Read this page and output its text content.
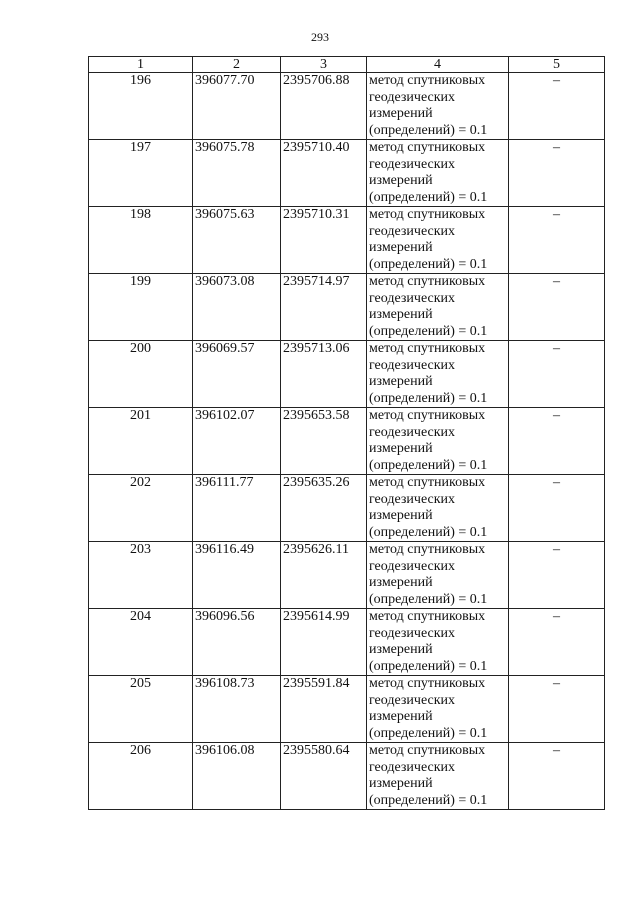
293
1	2	3	4	5
196	396077.70	2395706.88	метод спутниковых
геодезических
измерений
(определений) = 0.1	–
197	396075.78	2395710.40	метод спутниковых
геодезических
измерений
(определений) = 0.1	–
198	396075.63	2395710.31	метод спутниковых
геодезических
измерений
(определений) = 0.1	–
199	396073.08	2395714.97	метод спутниковых
геодезических
измерений
(определений) = 0.1	–
200	396069.57	2395713.06	метод спутниковых
геодезических
измерений
(определений) = 0.1	–
201	396102.07	2395653.58	метод спутниковых
геодезических
измерений
(определений) = 0.1	–
202	396111.77	2395635.26	метод спутниковых
геодезических
измерений
(определений) = 0.1	–
203	396116.49	2395626.11	метод спутниковых
геодезических
измерений
(определений) = 0.1	–
204	396096.56	2395614.99	метод спутниковых
геодезических
измерений
(определений) = 0.1	–
205	396108.73	2395591.84	метод спутниковых
геодезических
измерений
(определений) = 0.1	–
206	396106.08	2395580.64	метод спутниковых
геодезических
измерений
(определений) = 0.1	–
